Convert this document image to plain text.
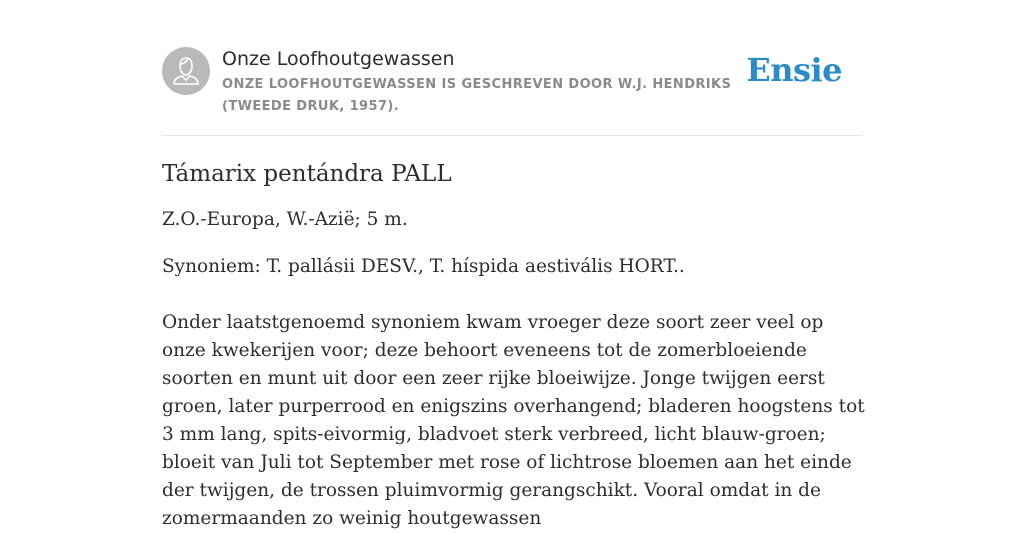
Onze Loofhoutgewassen
ONZE LOOFHOUTGEWASSEN IS GESCHREVEN DOOR W.J. HENDRIKS (TWEEDE DRUK, 1957).
Ensie
Támarix pentándra PALL

Z.O.-Europa, W.-Azië; 5 m.

Synoniem: T. pallásii DESV., T. híspida aestivális HORT..

Onder laatstgenoemd synoniem kwam vroeger deze soort zeer veel op onze kwekerijen voor; deze behoort eveneens tot de zomerbloeiende soorten en munt uit door een zeer rijke bloeiwijze. Jonge twijgen eerst groen, later purperrood en enigszins overhangend; bladeren hoogstens tot 3 mm lang, spits-eivormig, bladvoet sterk verbreed, licht blauw-groen; bloeit van Juli tot September met rose of lichtrose bloemen aan het einde der twijgen, de trossen pluimvormig gerangschikt. Vooral omdat in de zomermaanden zo weinig houtgewassen
